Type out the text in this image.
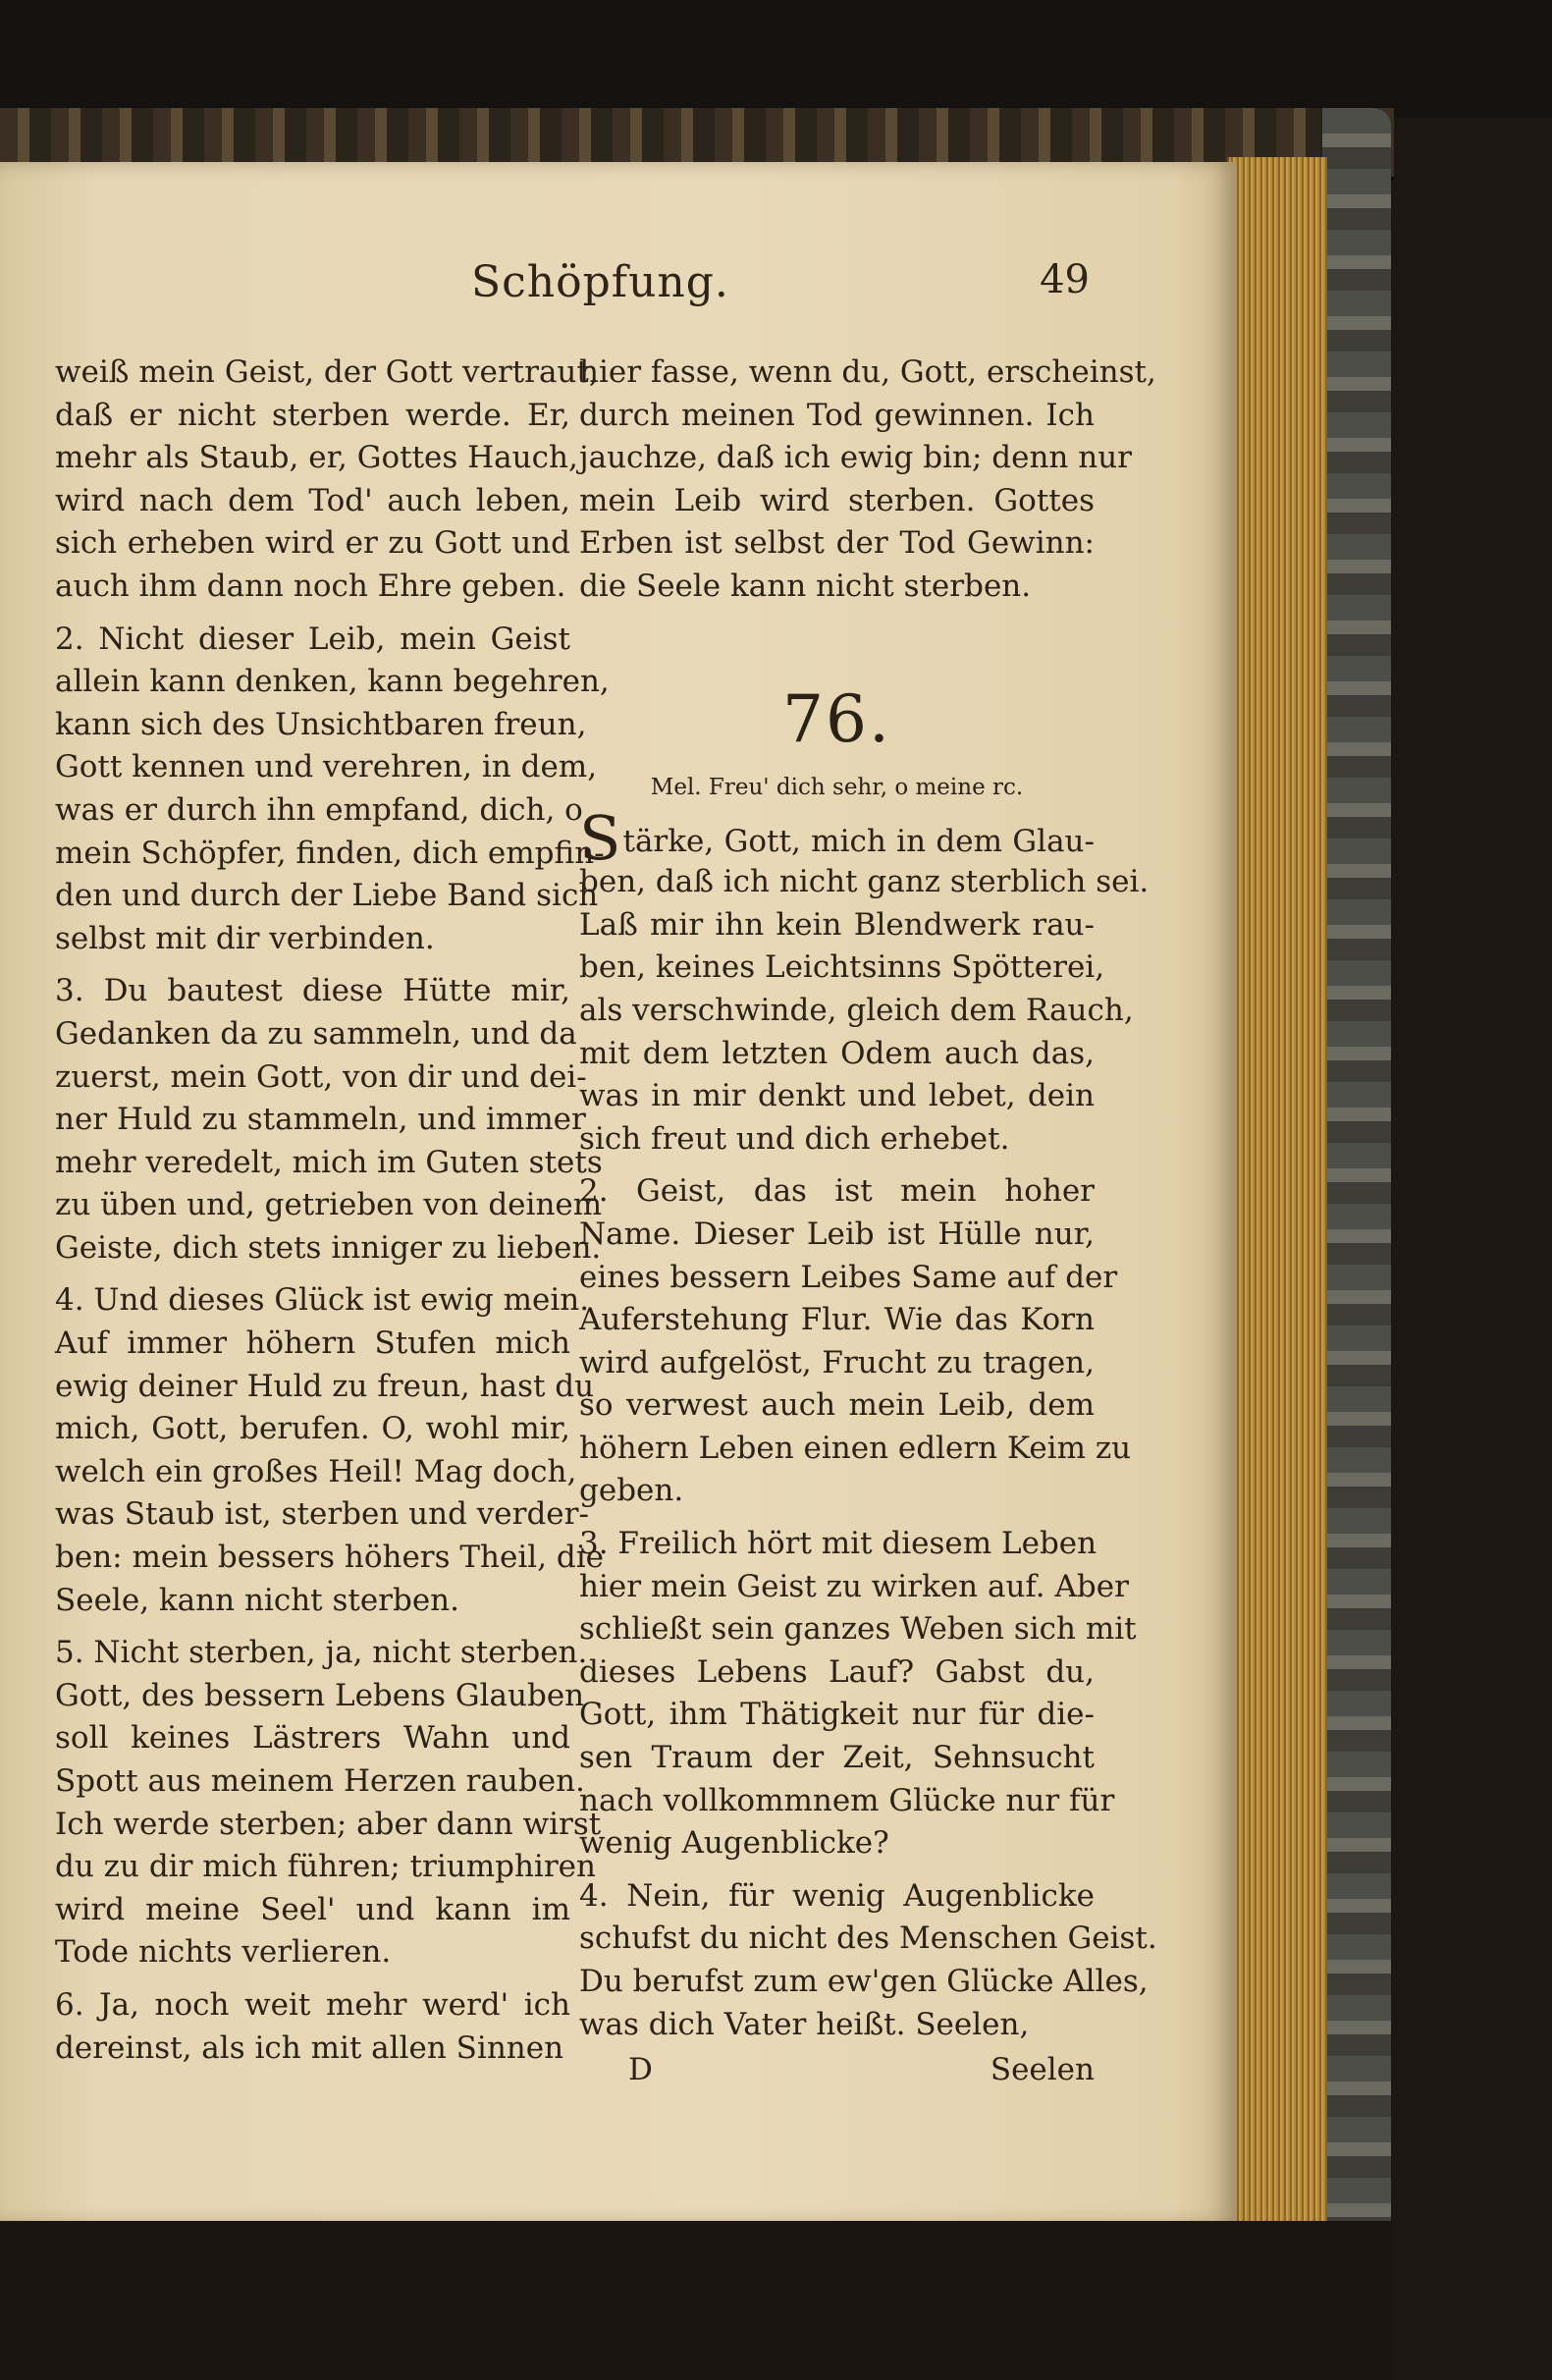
Schöpfung.	49
weiß mein Geist, der Gott vertraut,
daß er nicht sterben werde. Er,
mehr als Staub, er, Gottes Hauch,
wird nach dem Tod' auch leben,
sich erheben wird er zu Gott und
auch ihm dann noch Ehre geben.
2. Nicht dieser Leib, mein Geist
allein kann denken, kann begehren,
kann sich des Unsichtbaren freun,
Gott kennen und verehren, in dem,
was er durch ihn empfand, dich, o
mein Schöpfer, finden, dich empfin-
den und durch der Liebe Band sich
selbst mit dir verbinden.
3. Du bautest diese Hütte mir,
Gedanken da zu sammeln, und da
zuerst, mein Gott, von dir und dei-
ner Huld zu stammeln, und immer
mehr veredelt, mich im Guten stets
zu üben und, getrieben von deinem
Geiste, dich stets inniger zu lieben.
4. Und dieses Glück ist ewig mein.
Auf immer höhern Stufen mich
ewig deiner Huld zu freun, hast du
mich, Gott, berufen. O, wohl mir,
welch ein großes Heil! Mag doch,
was Staub ist, sterben und verder-
ben: mein bessers höhers Theil, die
Seele, kann nicht sterben.
5. Nicht sterben, ja, nicht sterben.
Gott, des bessern Lebens Glauben
soll keines Lästrers Wahn und
Spott aus meinem Herzen rauben.
Ich werde sterben; aber dann wirst
du zu dir mich führen; triumphiren
wird meine Seel' und kann im
Tode nichts verlieren.
6. Ja, noch weit mehr werd' ich
dereinst, als ich mit allen Sinnen
hier fasse, wenn du, Gott, erscheinst,
durch meinen Tod gewinnen. Ich
jauchze, daß ich ewig bin; denn nur
mein Leib wird sterben. Gottes
Erben ist selbst der Tod Gewinn:
die Seele kann nicht sterben.
76.
Mel. Freu' dich sehr, o meine rc.
Stärke, Gott, mich in dem Glau-
ben, daß ich nicht ganz sterblich sei.
Laß mir ihn kein Blendwerk rau-
ben, keines Leichtsinns Spötterei,
als verschwinde, gleich dem Rauch,
mit dem letzten Odem auch das,
was in mir denkt und lebet, dein
sich freut und dich erhebet.
2. Geist, das ist mein hoher
Name. Dieser Leib ist Hülle nur,
eines bessern Leibes Same auf der
Auferstehung Flur. Wie das Korn
wird aufgelöst, Frucht zu tragen,
so verwest auch mein Leib, dem
höhern Leben einen edlern Keim zu
geben.
3. Freilich hört mit diesem Leben
hier mein Geist zu wirken auf. Aber
schließt sein ganzes Weben sich mit
dieses Lebens Lauf? Gabst du,
Gott, ihm Thätigkeit nur für die-
sen Traum der Zeit, Sehnsucht
nach vollkommnem Glücke nur für
wenig Augenblicke?
4. Nein, für wenig Augenblicke
schufst du nicht des Menschen Geist.
Du berufst zum ew'gen Glücke Alles,
was dich Vater heißt. Seelen,
D	Seelen
